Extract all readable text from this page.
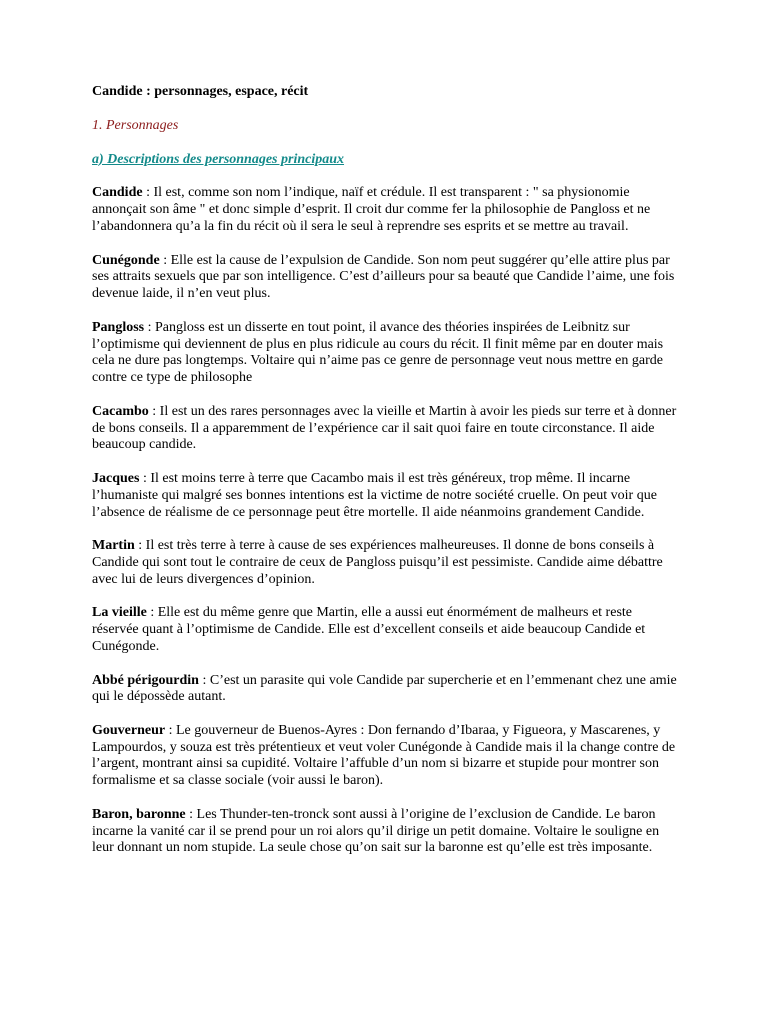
Candide : personnages, espace, récit
1. Personnages
a) Descriptions des personnages principaux

Candide : Il est, comme son nom l’indique, naïf et crédule. Il est transparent : " sa physionomie annonçait son âme " et donc simple d’esprit. Il croit dur comme fer la philosophie de Pangloss et ne l’abandonnera qu’a la fin du récit où il sera le seul à reprendre ses esprits et se mettre au travail.

Cunégonde : Elle est la cause de l’expulsion de Candide. Son nom peut suggérer qu’elle attire plus par ses attraits sexuels que par son intelligence. C’est d’ailleurs pour sa beauté que Candide l’aime, une fois devenue laide, il n’en veut plus.

Pangloss : Pangloss est un disserte en tout point, il avance des théories inspirées de Leibnitz sur l’optimisme qui deviennent de plus en plus ridicule au cours du récit. Il finit même par en douter mais cela ne dure pas longtemps. Voltaire qui n’aime pas ce genre de personnage veut nous mettre en garde contre ce type de philosophe

Cacambo : Il est un des rares personnages avec la vieille et Martin à avoir les pieds sur terre et à donner de bons conseils. Il a apparemment de l’expérience car il sait quoi faire en toute circonstance. Il aide beaucoup candide.

Jacques : Il est moins terre à terre que Cacambo mais il est très généreux, trop même. Il incarne l’humaniste qui malgré ses bonnes intentions est la victime de notre société cruelle. On peut voir que l’absence de réalisme de ce personnage peut être mortelle. Il aide néanmoins grandement Candide.

Martin : Il est très terre à terre à cause de ses expériences malheureuses. Il donne de bons conseils à Candide qui sont tout le contraire de ceux de Pangloss puisqu’il est pessimiste. Candide aime débattre avec lui de leurs divergences d’opinion.

La vieille : Elle est du même genre que Martin, elle a aussi eut énormément de malheurs et reste réservée quant à l’optimisme de Candide. Elle est d’excellent conseils et aide beaucoup Candide et Cunégonde.

Abbé périgourdin : C’est un parasite qui vole Candide par supercherie et en l’emmenant chez une amie qui le dépossède autant.

Gouverneur : Le gouverneur de Buenos-Ayres : Don fernando d’Ibaraa, y Figueora, y Mascarenes, y Lampourdos, y souza est très prétentieux et veut voler Cunégonde à Candide mais il la change contre de l’argent, montrant ainsi sa cupidité. Voltaire l’affuble d’un nom si bizarre et stupide pour montrer son formalisme et sa classe sociale (voir aussi le baron).

Baron, baronne : Les Thunder-ten-tronck sont aussi à l’origine de l’exclusion de Candide. Le baron incarne la vanité car il se prend pour un roi alors qu’il dirige un petit domaine. Voltaire le souligne en leur donnant un nom stupide. La seule chose qu’on sait sur la baronne est qu’elle est très imposante.
